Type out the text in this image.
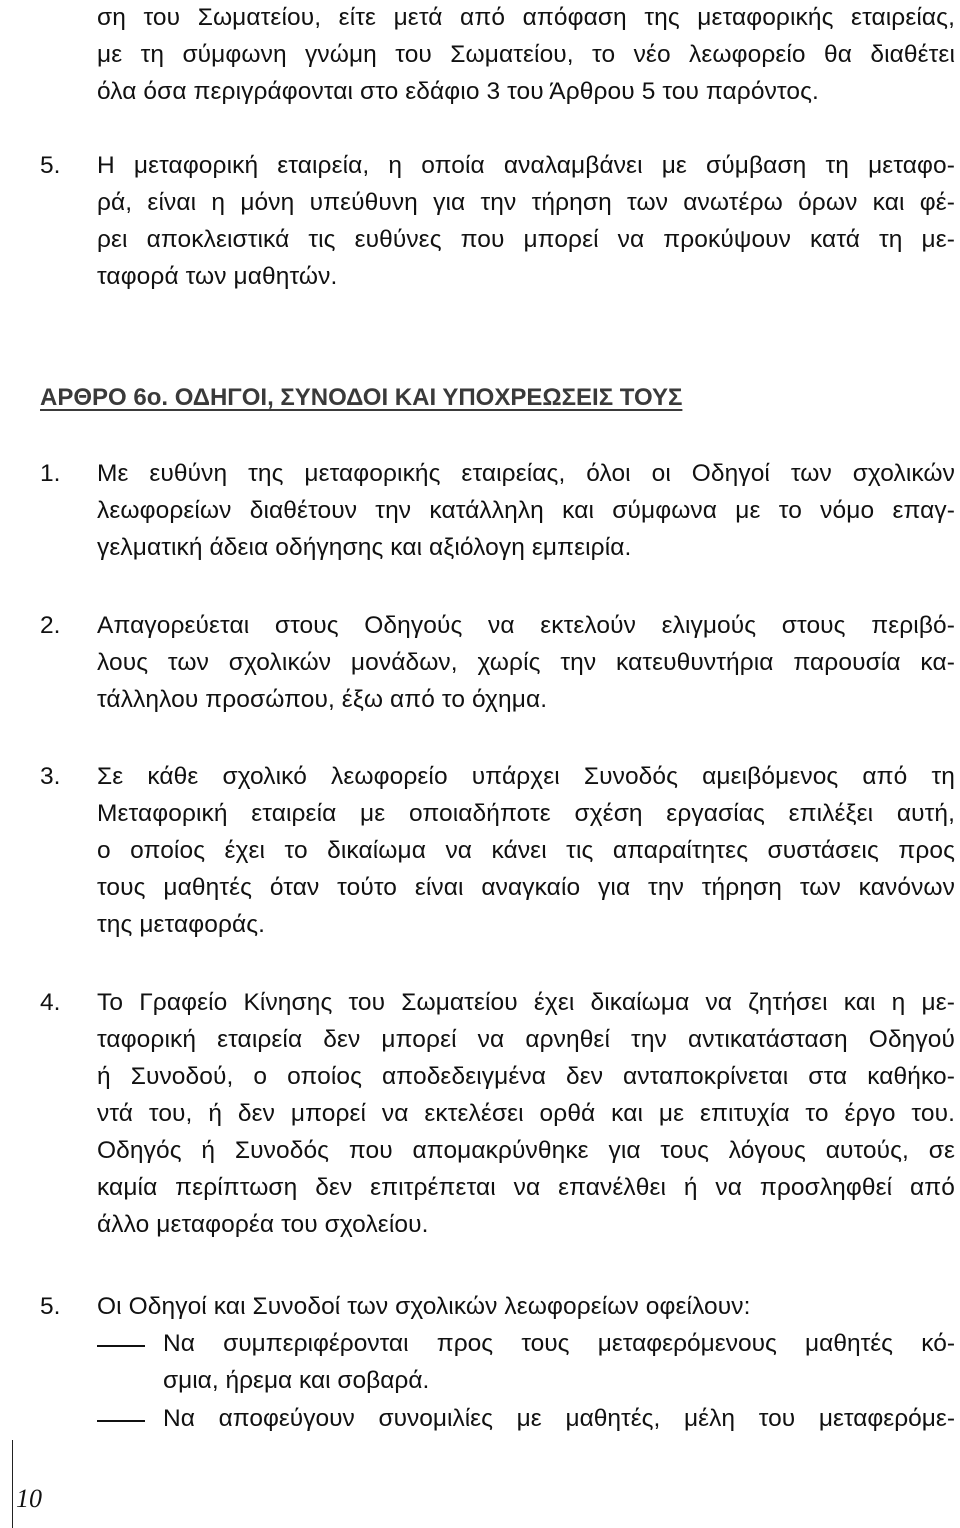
ση του Σωματείου, είτε μετά από απόφαση της μεταφορικής εταιρείας,
με τη σύμφωνη γνώμη του Σωματείου, το νέο λεωφορείο θα διαθέτει
όλα όσα περιγράφονται στο εδάφιο 3 του Άρθρου 5 του παρόντος.
5. Η μεταφορική εταιρεία, η οποία αναλαμβάνει με σύμβαση τη μεταφο-
ρά, είναι η μόνη υπεύθυνη για την τήρηση των ανωτέρω όρων και φέ-
ρει αποκλειστικά τις ευθύνες που μπορεί να προκύψουν κατά τη με-
ταφορά των μαθητών.
ΑΡΘΡΟ 6ο. ΟΔΗΓΟΙ, ΣΥΝΟΔΟΙ ΚΑΙ ΥΠΟΧΡΕΩΣΕΙΣ ΤΟΥΣ
1. Με ευθύνη της μεταφορικής εταιρείας, όλοι οι Οδηγοί των σχολικών
λεωφορείων διαθέτουν την κατάλληλη και σύμφωνα με το νόμο επαγ-
γελματική άδεια οδήγησης και αξιόλογη εμπειρία.
2. Απαγορεύεται στους Οδηγούς να εκτελούν ελιγμούς στους περιβό-
λους των σχολικών μονάδων, χωρίς την κατευθυντήρια παρουσία κα-
τάλληλου προσώπου, έξω από το όχημα.
3. Σε κάθε σχολικό λεωφορείο υπάρχει Συνοδός αμειβόμενος από τη
Μεταφορική εταιρεία με οποιαδήποτε σχέση εργασίας επιλέξει αυτή,
ο οποίος έχει το δικαίωμα να κάνει τις απαραίτητες συστάσεις προς
τους μαθητές όταν τούτο είναι αναγκαίο για την τήρηση των κανόνων
της μεταφοράς.
4. Το Γραφείο Κίνησης του Σωματείου έχει δικαίωμα να ζητήσει και η με-
ταφορική εταιρεία δεν μπορεί να αρνηθεί την αντικατάσταση Οδηγού
ή Συνοδού, ο οποίος αποδεδειγμένα δεν ανταποκρίνεται στα καθήκο-
ντά του, ή δεν μπορεί να εκτελέσει ορθά και με επιτυχία το έργο του.
Οδηγός ή Συνοδός που απομακρύνθηκε για τους λόγους αυτούς, σε
καμία περίπτωση δεν επιτρέπεται να επανέλθει ή να προσληφθεί από
άλλο μεταφορέα του σχολείου.
5. Οι Οδηγοί και Συνοδοί των σχολικών λεωφορείων οφείλουν:
Να συμπεριφέρονται προς τους μεταφερόμενους μαθητές κό-
σμια, ήρεμα και σοβαρά.
Να αποφεύγουν συνομιλίες με μαθητές, μέλη του μεταφερόμε-
10
